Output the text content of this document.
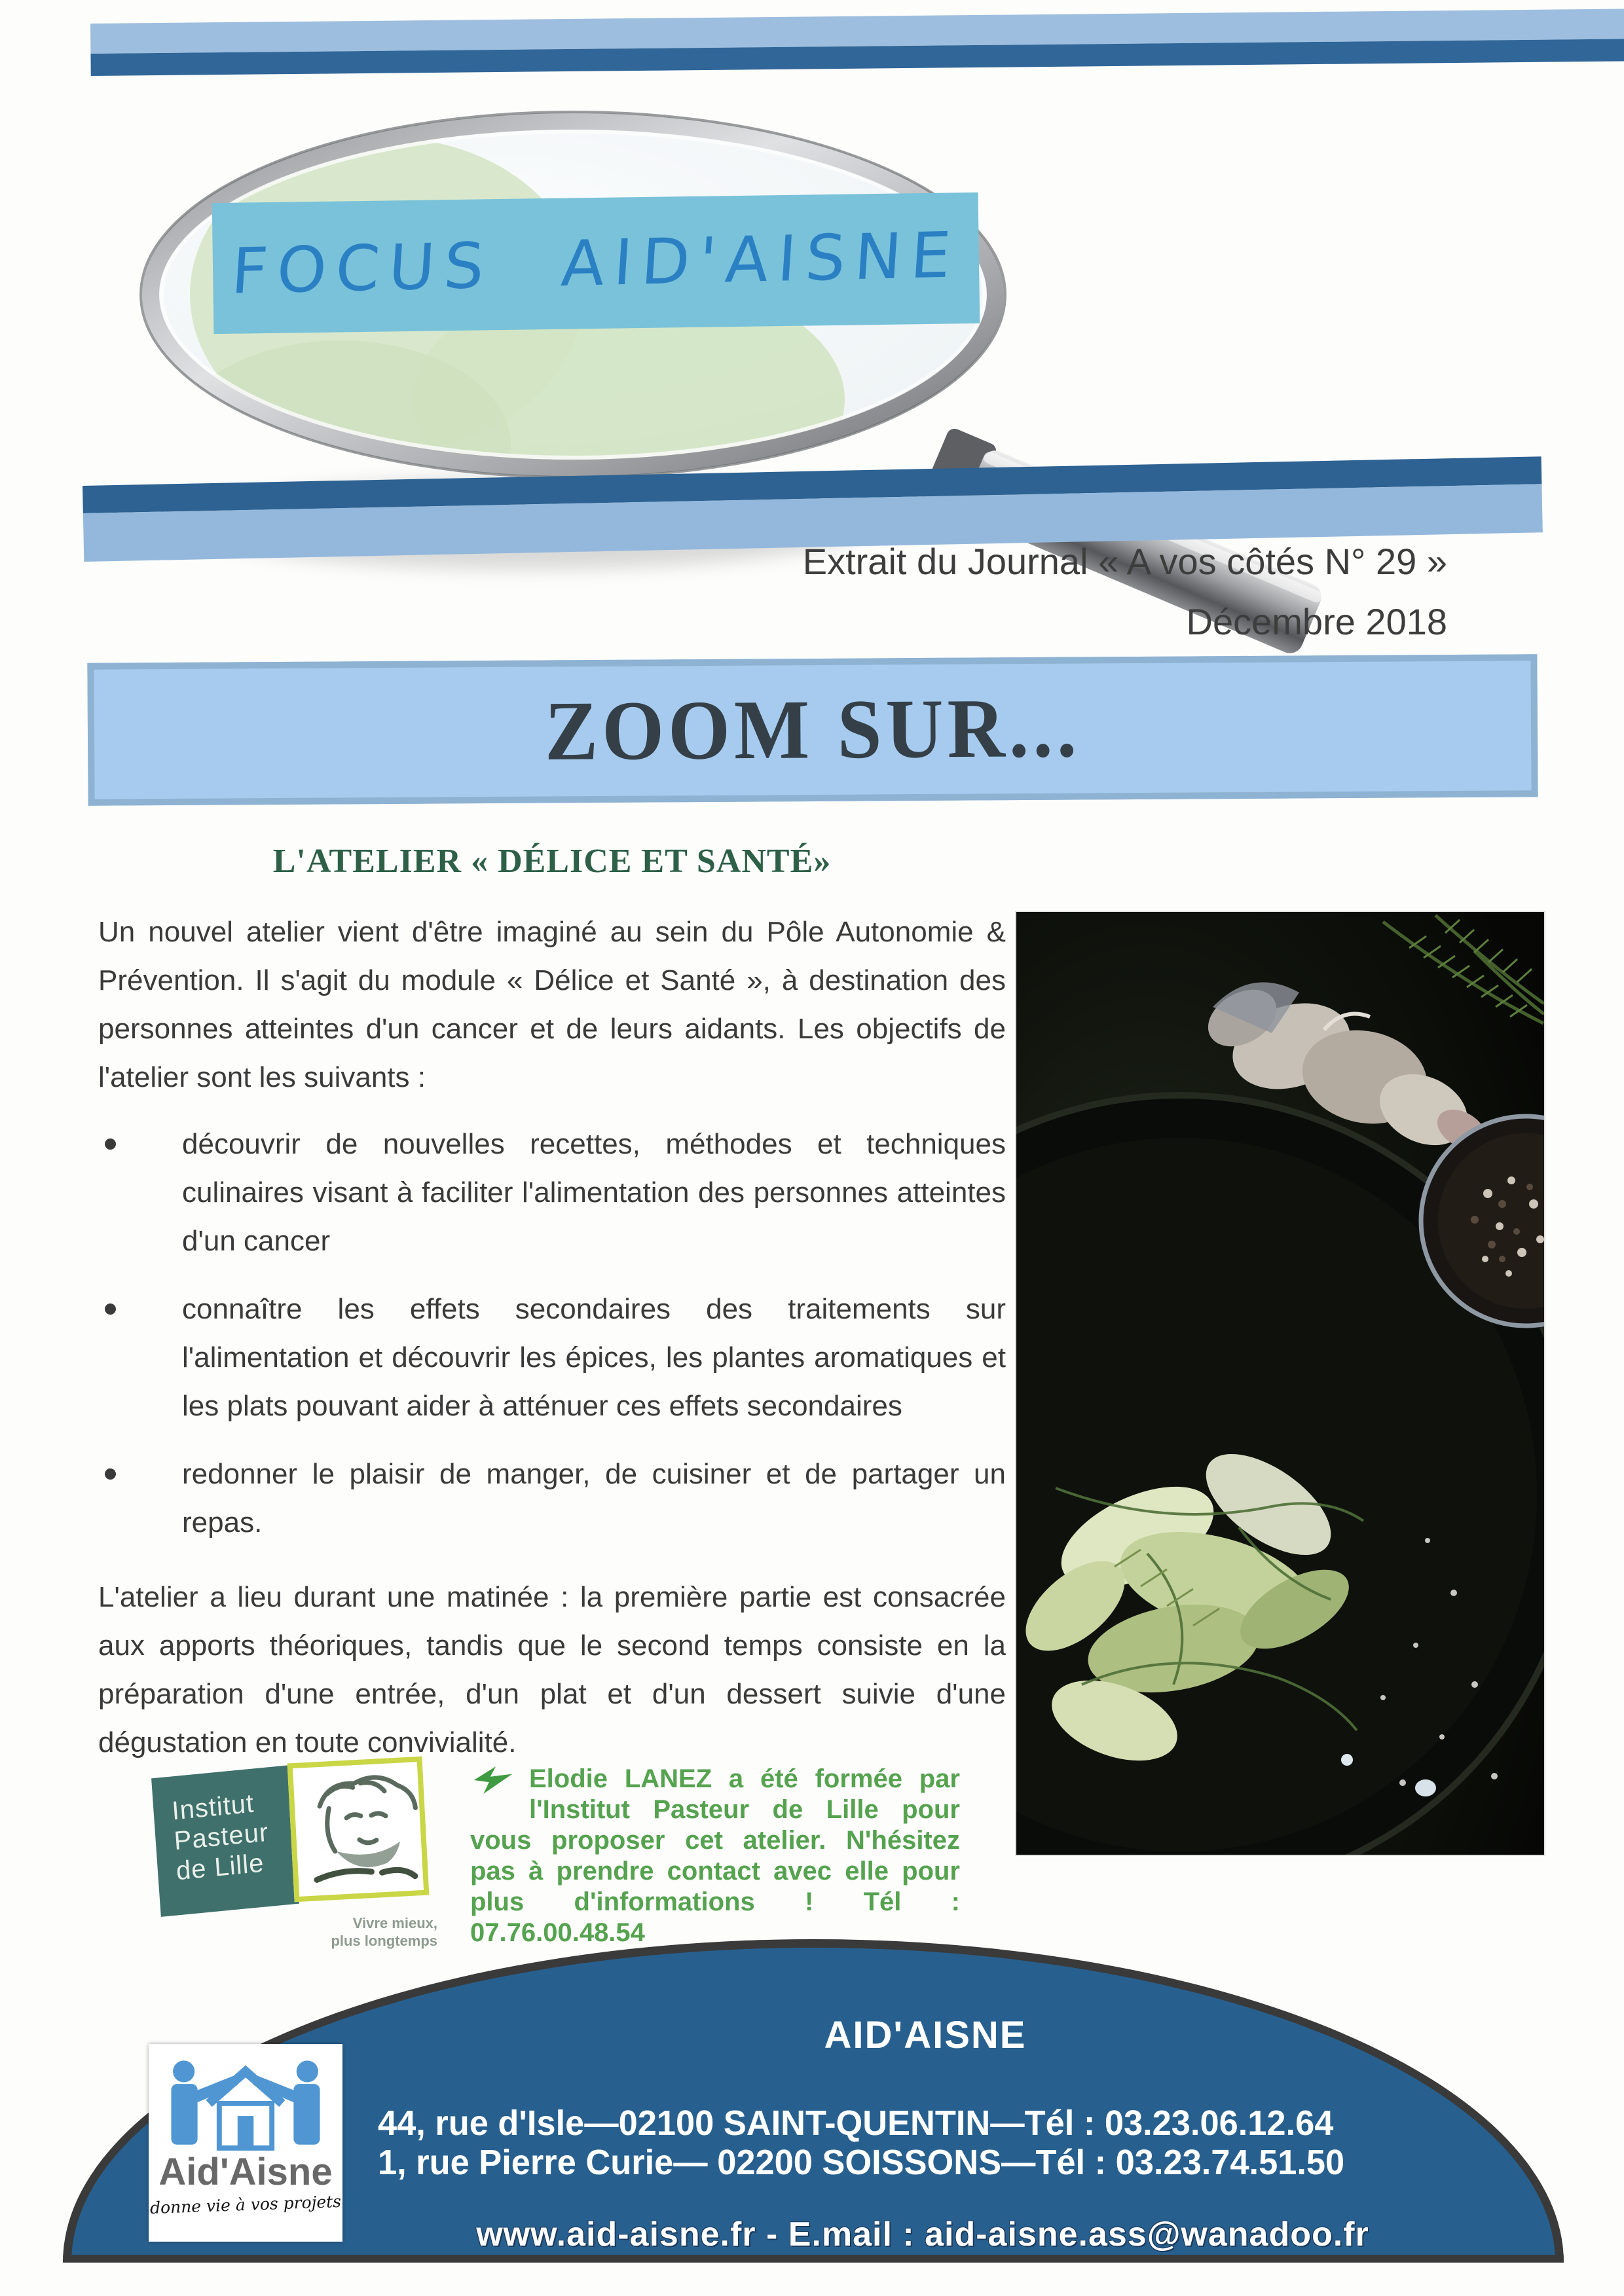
FOCUS AID'AISNE
Extrait du Journal « A vos côtés N° 29 »
Décembre 2018
ZOOM SUR...
L'ATELIER « DÉLICE ET SANTÉ»

Un nouvel atelier vient d'être imaginé au sein du Pôle Autonomie & Prévention. Il s'agit du module « Délice et Santé », à destination des personnes atteintes d'un cancer et de leurs aidants. Les objectifs de l'atelier sont les suivants :

découvrir de nouvelles recettes, méthodes et techniques culinaires visant à faciliter l'alimentation des personnes atteintes d'un cancer
connaître les effets secondaires des traitements sur l'alimentation et découvrir les épices, les plantes aromatiques et les plats pouvant aider à atténuer ces effets secondaires
redonner le plaisir de manger, de cuisiner et de partager un repas.

L'atelier a lieu durant une matinée : la première partie est consacrée aux apports théoriques, tandis que le second temps consiste en la préparation d'une entrée, d'un plat et d'un dessert suivie d'une dégustation en toute convivialité.

Institut
Pasteur
de Lille
Vivre mieux,
plus longtemps
Elodie LANEZ a été formée par l'Institut Pasteur de Lille pour vous proposer cet atelier. N'hésitez pas à prendre contact avec elle pour plus d'informations ! Tél : 07.76.00.48.54
Aid'Aisne
donne vie à vos projets
AID'AISNE
44, rue d'Isle—02100 SAINT-QUENTIN—Tél : 03.23.06.12.64
1, rue Pierre Curie— 02200 SOISSONS—Tél : 03.23.74.51.50
www.aid-aisne.fr - E.mail : aid-aisne.ass@wanadoo.fr
